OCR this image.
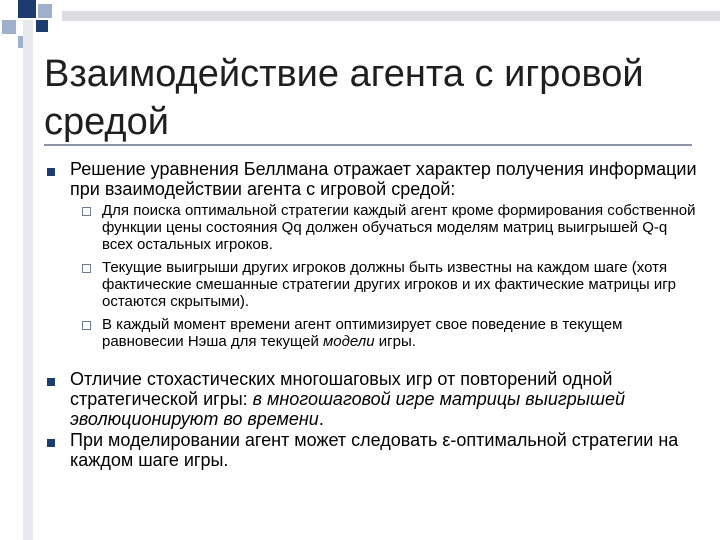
Взаимодействие агента с игровой средой
Решение уравнения Беллмана отражает характер получения информации при взаимодействии агента с игровой средой:
Для поиска оптимальной стратегии каждый агент кроме формирования собственной функции цены состояния Qq должен обучаться моделям матриц выигрышей Q-q всех остальных игроков.
Текущие выигрыши других игроков должны быть известны на каждом шаге (хотя фактические смешанные стратегии других игроков и их фактические матрицы игр остаются скрытыми).
В каждый момент времени агент оптимизирует свое поведение в текущем равновесии Нэша для текущей модели игры.
Отличие стохастических многошаговых игр от повторений одной стратегической игры: в многошаговой игре матрицы выигрышей эволюционируют во времени.
При моделировании агент может следовать ε-оптимальной стратегии на каждом шаге игры.
